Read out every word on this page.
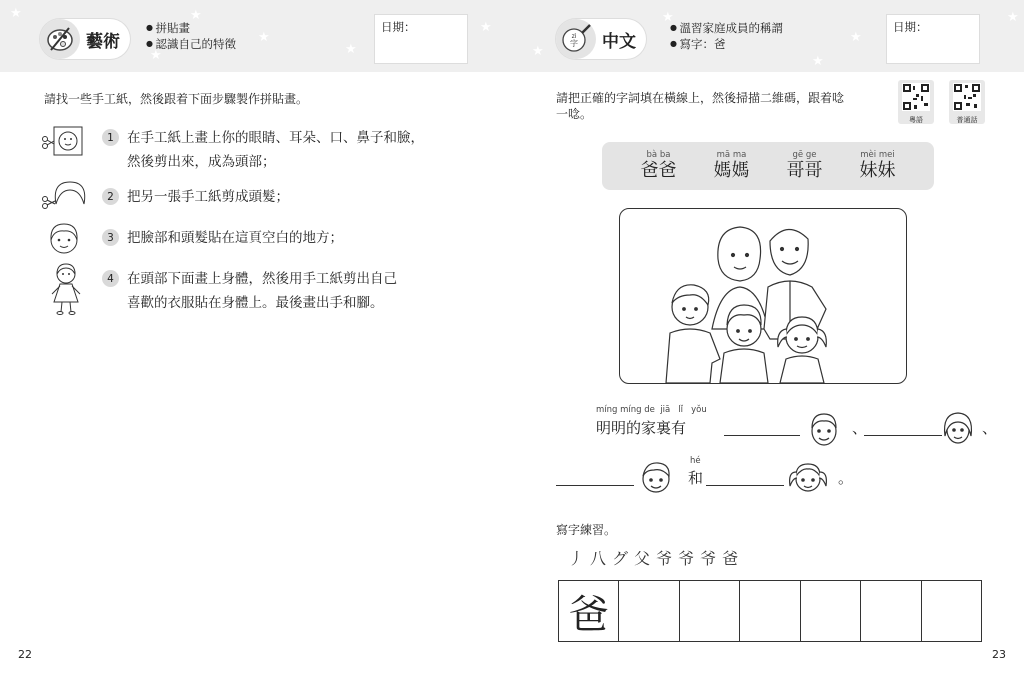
★
★
★	★
★
★
藝術
● 拼貼畫
● 認識自己的特徵
日期：
請找一些手工紙，然後跟着下面步驟製作拼貼畫。
1 在手工紙上畫上你的眼睛、耳朵、口、鼻子和臉，
然後剪出來，成為頭部；
2 把另一張手工紙剪成頭髮；
3 把臉部和頭髮貼在這頁空白的地方；
4 在頭部下面畫上身體，然後用手工紙剪出自己
喜歡的衣服貼在身體上。最後畫出手和腳。
22
★
★
★
★
★
zì
字	中文
● 溫習家庭成員的稱謂
● 寫字：爸
日期：
請把正確的字詞填在橫線上，然後掃描二維碼，跟着唸
一唸。	粵語	普通話
bà ba
爸爸
mā ma
媽媽
gē ge
哥哥
mèi mei
妹妹
míng míng de  jiā   lǐ   yǒu
明明的家裏有	、	、
hé
和	。
寫字練習。
丿 八 グ 父 爷 爷 爷 爸
爸
23
